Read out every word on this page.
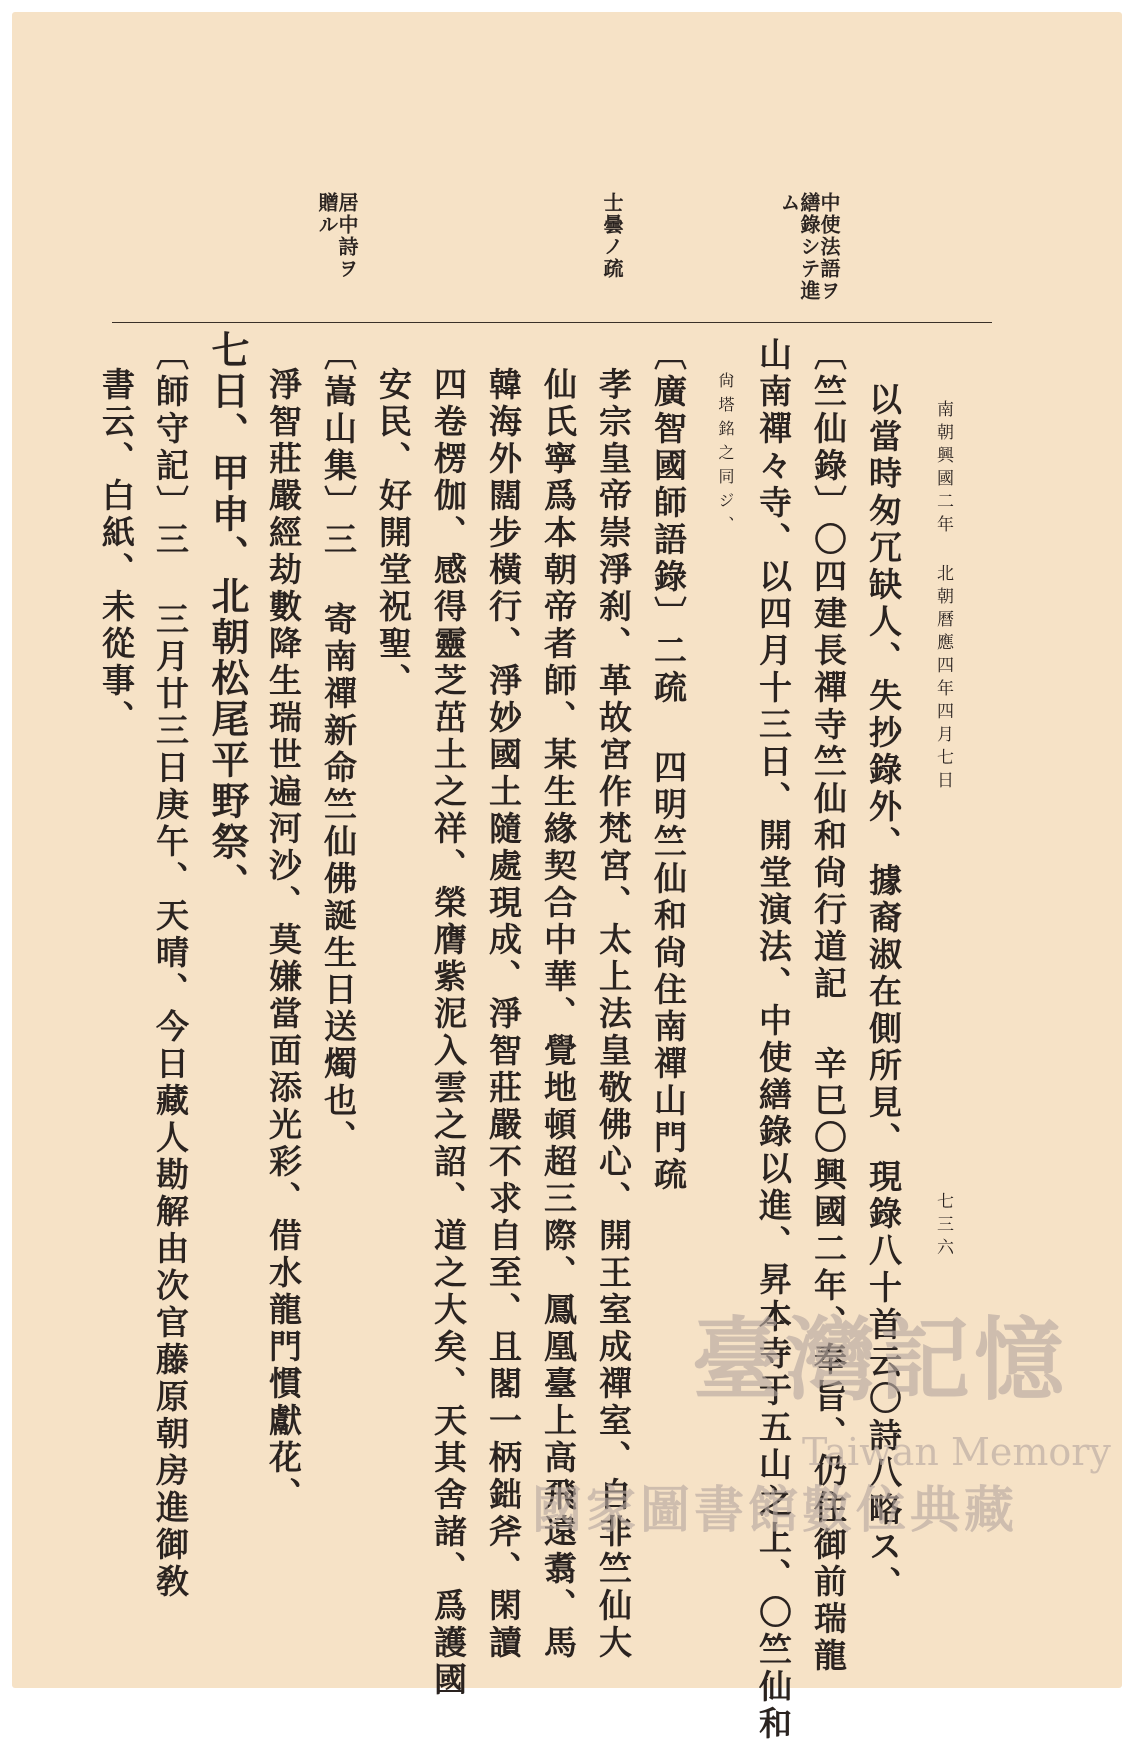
南朝興國二年 北朝曆應四年四月七日
七三六
中使法語ヲ繕錄シテ進ム
士曇ノ疏
居中詩ヲ贈ル
以當時匆冗缺人、失抄錄外、據裔淑在側所見、現錄八十首云〇詩八略ス、
〔竺仙錄〕〇四建長禪寺竺仙和尙行道記 辛巳〇興國二年、奉旨、仍住御前瑞龍
山南禪々寺、以四月十三日、開堂演法、中使繕錄以進、昇本寺于五山之上、〇竺仙和
尙塔銘之同ジ、
〔廣智國師語錄〕二疏 四明竺仙和尙住南禪山門疏
孝宗皇帝崇淨刹、革故宮作梵宮、太上法皇敬佛心、開王室成禪室、自非竺仙大
仙氏寧爲本朝帝者師、某生緣契合中華、覺地頓超三際、鳳凰臺上高飛遠翥、馬
韓海外闊步橫行、淨妙國土隨處現成、淨智莊嚴不求自至、且閣一柄鈯斧、閑讀
四卷楞伽、感得靈芝茁土之祥、榮膺紫泥入雲之詔、道之大矣、天其舍諸、爲護國
安民、好開堂祝聖、
〔嵩山集〕三 寄南禪新命竺仙佛誕生日送燭也、
淨智莊嚴經劫數降生瑞世遍河沙、莫嫌當面添光彩、借水龍門慣獻花、
七日、甲申、北朝松尾平野祭、
〔師守記〕三 三月廿三日庚午、天晴、今日藏人勘解由次官藤原朝房進御敎
書云、白紙、未從事、
臺灣記憶
Taiwan Memory
國家圖書館數位典藏
